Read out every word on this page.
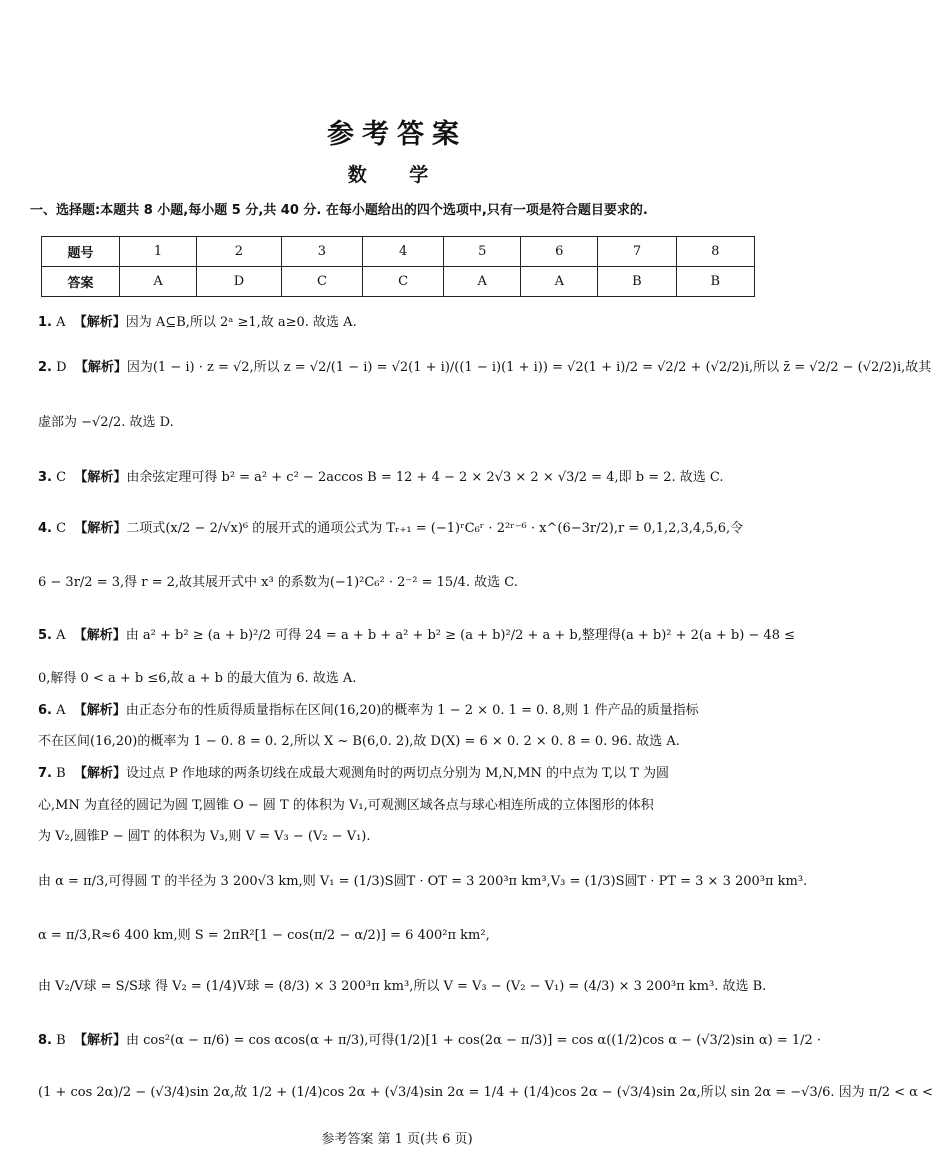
参考答案
数 学
一、选择题:本题共 8 小题,每小题 5 分,共 40 分. 在每小题给出的四个选项中,只有一项是符合题目要求的.
题号	1	2	3	4	5	6	7	8
答案	A	D	C	C	A	A	B	B
1. A 【解析】因为 A⊆B,所以 2ᵃ ≥1,故 a≥0. 故选 A.
2. D 【解析】因为(1 − i) · z = √2,所以 z = √2/(1 − i) = √2(1 + i)/((1 − i)(1 + i)) = √2(1 + i)/2 = √2/2 + (√2/2)i,所以 z̄ = √2/2 − (√2/2)i,故其
虚部为 −√2/2. 故选 D.
3. C 【解析】由余弦定理可得 b² = a² + c² − 2accos B = 12 + 4 − 2 × 2√3 × 2 × √3/2 = 4,即 b = 2. 故选 C.
4. C 【解析】二项式(x/2 − 2/√x)⁶ 的展开式的通项公式为 Tᵣ₊₁ = (−1)ʳC₆ʳ · 2²ʳ⁻⁶ · x^(6−3r/2),r = 0,1,2,3,4,5,6,令
6 − 3r/2 = 3,得 r = 2,故其展开式中 x³ 的系数为(−1)²C₆² · 2⁻² = 15/4. 故选 C.
5. A 【解析】由 a² + b² ≥ (a + b)²/2 可得 24 = a + b + a² + b² ≥ (a + b)²/2 + a + b,整理得(a + b)² + 2(a + b) − 48 ≤
0,解得 0 < a + b ≤6,故 a + b 的最大值为 6. 故选 A.
6. A 【解析】由正态分布的性质得质量指标在区间(16,20)的概率为 1 − 2 × 0. 1 = 0. 8,则 1 件产品的质量指标
不在区间(16,20)的概率为 1 − 0. 8 = 0. 2,所以 X ~ B(6,0. 2),故 D(X) = 6 × 0. 2 × 0. 8 = 0. 96. 故选 A.
7. B 【解析】设过点 P 作地球的两条切线在成最大观测角时的两切点分别为 M,N,MN 的中点为 T,以 T 为圆
心,MN 为直径的圆记为圆 T,圆锥 O − 圆 T 的体积为 V₁,可观测区域各点与球心相连所成的立体图形的体积
为 V₂,圆锥P − 圆T 的体积为 V₃,则 V = V₃ − (V₂ − V₁).
由 α = π/3,可得圆 T 的半径为 3 200√3 km,则 V₁ = (1/3)S圆T · OT = 3 200³π km³,V₃ = (1/3)S圆T · PT = 3 × 3 200³π km³.
α = π/3,R≈6 400 km,则 S = 2πR²[1 − cos(π/2 − α/2)] = 6 400²π km²,
由 V₂/V球 = S/S球 得 V₂ = (1/4)V球 = (8/3) × 3 200³π km³,所以 V = V₃ − (V₂ − V₁) = (4/3) × 3 200³π km³. 故选 B.
8. B 【解析】由 cos²(α − π/6) = cos αcos(α + π/3),可得(1/2)[1 + cos(2α − π/3)] = cos α((1/2)cos α − (√3/2)sin α) = 1/2 ·
(1 + cos 2α)/2 − (√3/4)sin 2α,故 1/2 + (1/4)cos 2α + (√3/4)sin 2α = 1/4 + (1/4)cos 2α − (√3/4)sin 2α,所以 sin 2α = −√3/6. 因为 π/2 < α <
参考答案 第 1 页(共 6 页)
